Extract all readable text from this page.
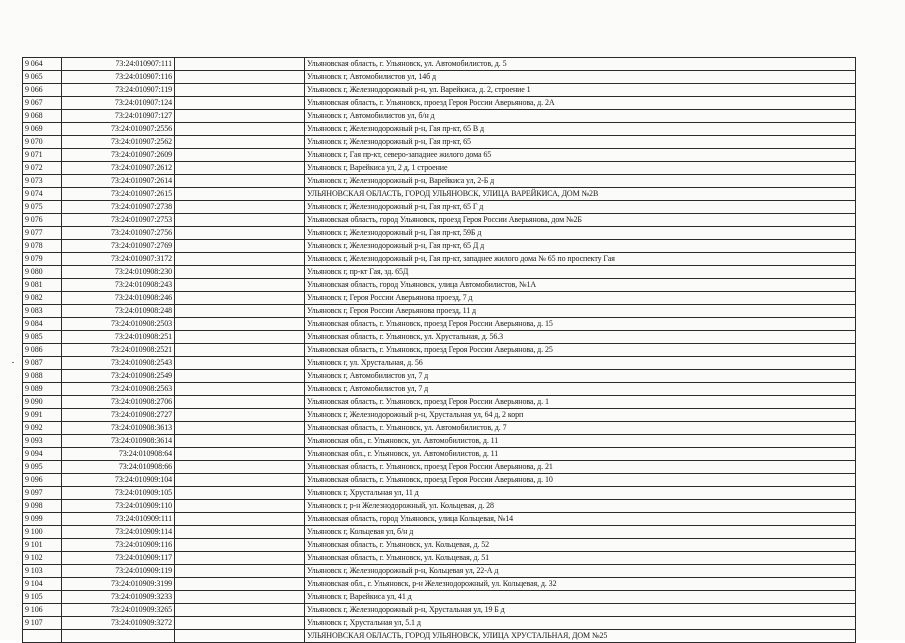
9 064	73:24:010907:111		Ульяновская область, г. Ульяновск, ул. Автомобилистов, д. 5
9 065	73:24:010907:116		Ульяновск г, Автомобилистов ул, 14б д
9 066	73:24:010907:119		Ульяновск г, Железнодорожный р-н, ул. Варейкиса, д. 2, строение 1
9 067	73:24:010907:124		Ульяновская область, г. Ульяновск, проезд Героя России Аверьянова, д. 2А
9 068	73:24:010907:127		Ульяновск г, Автомобилистов ул, б/н д
9 069	73:24:010907:2556		Ульяновск г, Железнодорожный р-н, Гая пр-кт, 65 В д
9 070	73:24:010907:2562		Ульяновск г, Железнодорожный р-н, Гая пр-кт, 65
9 071	73:24:010907:2609		Ульяновск г, Гая пр-кт, северо-западнее жилого дома 65
9 072	73:24:010907:2612		Ульяновск г, Варейкиса ул, 2 д, 1 строение
9 073	73:24:010907:2614		Ульяновск г, Железнодорожный р-н, Варейкиса ул, 2-Б д
9 074	73:24:010907:2615		УЛЬЯНОВСКАЯ ОБЛАСТЬ, ГОРОД УЛЬЯНОВСК, УЛИЦА ВАРЕЙКИСА, ДОМ №2В
9 075	73:24:010907:2738		Ульяновск г, Железнодорожный р-н, Гая пр-кт, 65 Г д
9 076	73:24:010907:2753		Ульяновская область, город Ульяновск, проезд Героя России Аверьянова, дом №2Б
9 077	73:24:010907:2756		Ульяновск г, Железнодорожный р-н, Гая пр-кт, 59Б д
9 078	73:24:010907:2769		Ульяновск г, Железнодорожный р-н, Гая пр-кт, 65 Д д
9 079	73:24:010907:3172		Ульяновск г, Железнодорожный р-н, Гая пр-кт, западнее жилого дома № 65 по проспекту Гая
9 080	73:24:010908:230		Ульяновск г, пр-кт Гая, зд. 65Д
9 081	73:24:010908:243		Ульяновская область, город Ульяновск, улица Автомобилистов, №1А
9 082	73:24:010908:246		Ульяновск г, Героя России Аверьянова проезд, 7 д
9 083	73:24:010908:248		Ульяновск г, Героя России Аверьянова проезд, 11 д
9 084	73:24:010908:2503		Ульяновская область, г. Ульяновск, проезд Героя России Аверьянова, д. 15
9 085	73:24:010908:251		Ульяновская область, г. Ульяновск, ул. Хрустальная, д. 56.3
9 086	73:24:010908:2521		Ульяновская область, г. Ульяновск, проезд Героя России Аверьянова, д. 25
9 087	73:24:010908:2543		Ульяновск г, ул. Хрустальная, д. 56
9 088	73:24:010908:2549		Ульяновск г, Автомобилистов ул, 7 д
9 089	73:24:010908:2563		Ульяновск г, Автомобилистов ул, 7 д
9 090	73:24:010908:2706		Ульяновская область, г. Ульяновск, проезд Героя России Аверьянова, д. 1
9 091	73:24:010908:2727		Ульяновск г, Железнодорожный р-н, Хрустальная ул, 64 д, 2 корп
9 092	73:24:010908:3613		Ульяновская область, г. Ульяновск, ул. Автомобилистов, д. 7
9 093	73:24:010908:3614		Ульяновская обл., г. Ульяновск, ул. Автомобилистов, д. 11
9 094	73:24:010908:64		Ульяновская обл., г. Ульяновск, ул. Автомобилистов, д. 11
9 095	73:24:010908:66		Ульяновская область, г. Ульяновск, проезд Героя России Аверьянова, д. 21
9 096	73:24:010909:104		Ульяновская область, г. Ульяновск, проезд Героя России Аверьянова, д. 10
9 097	73:24:010909:105		Ульяновск г, Хрустальная ул, 11 д
9 098	73:24:010909:110		Ульяновск г, р-н Железнодорожный, ул. Кольцевая, д. 28
9 099	73:24:010909:111		Ульяновская область, город Ульяновск, улица Кольцевая, №14
9 100	73:24:010909:114		Ульяновск г, Кольцевая ул, б/н д
9 101	73:24:010909:116		Ульяновская область, г. Ульяновск, ул. Кольцевая, д. 52
9 102	73:24:010909:117		Ульяновская область, г. Ульяновск, ул. Кольцевая, д. 51
9 103	73:24:010909:119		Ульяновск г, Железнодорожный р-н, Кольцевая ул, 22-А д
9 104	73:24:010909:3199		Ульяновская обл., г. Ульяновск, р-н Железнодорожный, ул. Кольцевая, д. 32
9 105	73:24:010909:3233		Ульяновск г, Варейкиса ул, 41 д
9 106	73:24:010909:3265		Ульяновск г, Железнодорожный р-н, Хрустальная ул, 19 Б д
9 107	73:24:010909:3272		Ульяновск г, Хрустальная ул, 5.1 д
			УЛЬЯНОВСКАЯ ОБЛАСТЬ, ГОРОД УЛЬЯНОВСК, УЛИЦА ХРУСТАЛЬНАЯ, ДОМ №25
